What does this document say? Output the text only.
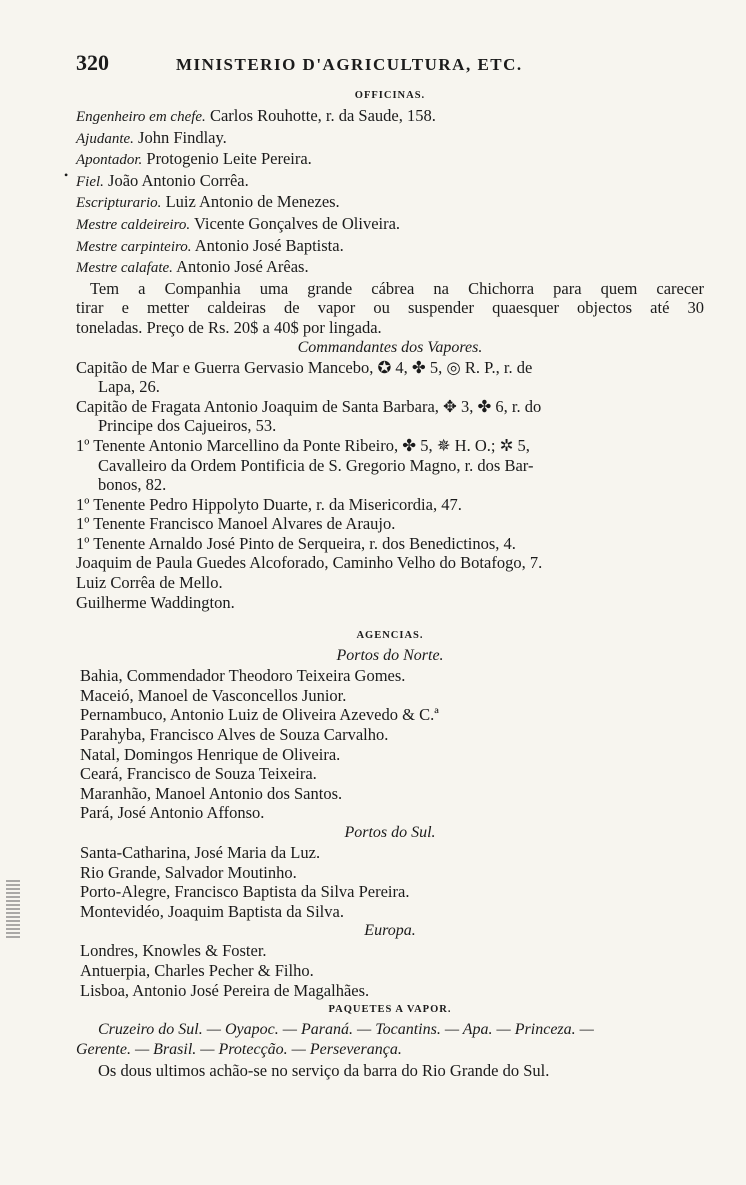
•
320	MINISTERIO D'AGRICULTURA, ETC.
OFFICINAS.
Engenheiro em chefe. Carlos Rouhotte, r. da Saude, 158.
Ajudante. John Findlay.
Apontador. Protogenio Leite Pereira.
Fiel. João Antonio Corrêa.
Escripturario. Luiz Antonio de Menezes.
Mestre caldeireiro. Vicente Gonçalves de Oliveira.
Mestre carpinteiro. Antonio José Baptista.
Mestre calafate. Antonio José Arêas.
Tem a Companhia uma grande cábrea na Chichorra para quem carecer
tirar e metter caldeiras de vapor ou suspender quaesquer objectos até 30
toneladas. Preço de Rs. 20$ a 40$ por lingada.
Commandantes dos Vapores.
Capitão de Mar e Guerra Gervasio Mancebo, ✪ 4, ✤ 5, ◎ R. P., r. de
Lapa, 26.
Capitão de Fragata Antonio Joaquim de Santa Barbara, ✥ 3, ✤ 6, r. do
Principe dos Cajueiros, 53.
1º Tenente Antonio Marcellino da Ponte Ribeiro, ✤ 5, ✵ H. O.; ✲ 5,
Cavalleiro da Ordem Pontificia de S. Gregorio Magno, r. dos Bar-
bonos, 82.
1º Tenente Pedro Hippolyto Duarte, r. da Misericordia, 47.
1º Tenente Francisco Manoel Alvares de Araujo.
1º Tenente Arnaldo José Pinto de Serqueira, r. dos Benedictinos, 4.
Joaquim de Paula Guedes Alcoforado, Caminho Velho do Botafogo, 7.
Luiz Corrêa de Mello.
Guilherme Waddington.
AGENCIAS.
Portos do Norte.
Bahia, Commendador Theodoro Teixeira Gomes.
Maceió, Manoel de Vasconcellos Junior.
Pernambuco, Antonio Luiz de Oliveira Azevedo & C.ª
Parahyba, Francisco Alves de Souza Carvalho.
Natal, Domingos Henrique de Oliveira.
Ceará, Francisco de Souza Teixeira.
Maranhão, Manoel Antonio dos Santos.
Pará, José Antonio Affonso.
Portos do Sul.
Santa-Catharina, José Maria da Luz.
Rio Grande, Salvador Moutinho.
Porto-Alegre, Francisco Baptista da Silva Pereira.
Montevidéo, Joaquim Baptista da Silva.
Europa.
Londres, Knowles & Foster.
Antuerpia, Charles Pecher & Filho.
Lisboa, Antonio José Pereira de Magalhães.
PAQUETES A VAPOR.
Cruzeiro do Sul. — Oyapoc. — Paraná. — Tocantins. — Apa. — Princeza. —
Gerente. — Brasil. — Protecção. — Perseverança.
Os dous ultimos achão-se no serviço da barra do Rio Grande do Sul.
